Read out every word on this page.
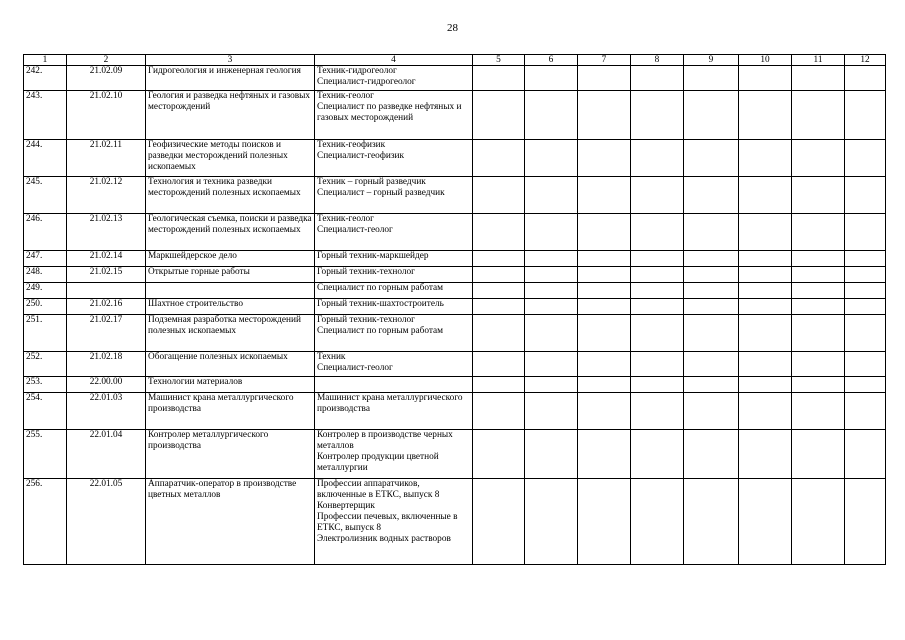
28
1	2	3	4	5	6	7	8	9	10	11	12
242.	21.02.09	Гидрогеология и инженерная геология	Техник-гидрогеолог
Специалист-гидрогеолог								

243.	21.02.10	Геология и разведка нефтяных и газовых месторождений	Техник-геолог
Специалист по разведке нефтяных и газовых месторождений								

244.	21.02.11	Геофизические методы поисков и разведки месторождений полезных ископаемых	Техник-геофизик
Специалист-геофизик								

245.	21.02.12	Технология и техника разведки месторождений полезных ископаемых	Техник – горный разведчик
Специалист – горный разведчик								

246.	21.02.13	Геологическая съемка, поиски и разведка месторождений полезных ископаемых	Техник-геолог
Специалист-геолог								

247.	21.02.14	Маркшейдерское дело	Горный техник-маркшейдер								

248.	21.02.15	Открытые горные работы	Горный техник-технолог								

249.			Специалист по горным работам								

250.	21.02.16	Шахтное строительство	Горный техник-шахтостроитель								

251.	21.02.17	Подземная разработка месторождений полезных ископаемых	Горный техник-технолог
Специалист по горным работам								

252.	21.02.18	Обогащение полезных ископаемых	Техник
Специалист-геолог								

253.	22.00.00	Технологии материалов									
254.	22.01.03	Машинист крана металлургического производства	Машинист крана металлургического производства								

255.	22.01.04	Контролер металлургического производства	Контролер в производстве черных металлов
Контролер продукции цветной металлургии								

256.	22.01.05	Аппаратчик-оператор в производстве цветных металлов	Профессии аппаратчиков, включенные в ЕТКС, выпуск 8
Конвертерщик
Профессии печевых, включенные в ЕТКС, выпуск 8
Электролизник водных растворов								
